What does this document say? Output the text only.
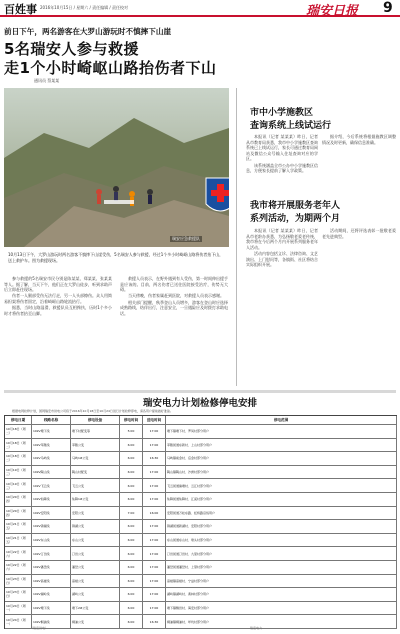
百姓事 2016年10月15日 / 星期六 / 责任编辑 / 责任校对	瑞安日报 9
前日下午，两名游客在大罗山游玩时不慎摔下山崖
5名瑞安人参与救援
走1个小时崎岖山路抬伤者下山
通讯员 蔡某某
瑞安应急救援队
10月13日下午，大罗山游玩时两名游客不慎摔下山崖受伤，5名瑞安人参与救援，经过1个多小时崎岖山路将伤者抬下山，送上救护车。图为救援现场。

参与救援的5名瑞安市民分别是陈某某、郑某某、张某某等人。据了解，当天下午，他们正在大罗山徒步，听到求助声后立即赶往现场。

伤者一人腿部受伤无法行走，另一人头部擦伤。众人用简易担架将伤者固定，沿着崎岖山路轮流抬行。

据悉，当时山路湿滑，救援队员互相搀扶，历时1个多小时才将伤者抬至山脚。

救援人员表示，在野外遇到有人受伤，第一时间伸出援手是应该的。目前，两名伤者已送往医院接受治疗，伤势无大碍。

当天傍晚，伤者家属赶到医院，对救援人员表示感谢。

相关部门提醒，秋季登山人员增多，游客在登山时应选择成熟路线，结伴出行，注意安全，一旦遇险应及时拨打求助电话。

市中小学施教区
查询系统上线试运行

本报讯（记者 某某某）昨日，记者从市教育局获悉，我市中小学施教区查询系统已上线试运行，家长可通过教育局网站及微信公众号输入住址查询对应的学区。

该系统涵盖全市公办中小学施教区信息，方便家长提前了解入学政策。

据介绍，今后系统将根据施教区调整情况及时更新，确保信息准确。

我市将开展服务老年人
系列活动，为期两个月

本报讯（记者 某某某）昨日，记者从市老龄办获悉，为弘扬敬老爱老传统，我市将在今后两个月内开展系列服务老年人活动。

活动内容包括义诊、法律咨询、文艺演出、上门慰问等，各镇街、社区将结合实际组织开展。

活动期间，还将评选表彰一批敬老爱老先进典型。

瑞安电力计划检修停电安排
根据电网检修计划，国网瑞安市供电公司将于2016年10月18日至10月24日进行计划检修停电，请各用户提前做好准备。
停电日期	线路名称	停电设备	停电时间	送电时间	停电范围
10月18日（周二）	10kV塘下线	塘下村配变等	5:00	17:00	塘下镇塘下村、罗凤村部分用户
10月18日（周二）	10kV莘塍线	莘塍公变	6:00	17:00	莘塍街道东新村、上山村部分用户
10月18日（周二）	10kV马屿线	马屿1#公变	6:00	16:30	马屿镇前金村、后金村部分用户
10月19日（周三）	10kV陶山线	陶山村配变	6:00	17:00	陶山镇陶山村、沙洲村部分用户
10月19日（周三）	10kV飞云线	飞云公变	6:00	17:00	飞云街道渔塘村、云江村部分用户
10月20日（周四）	10kV仙降线	仙降1#公变	6:00	17:00	仙降街道仙降村、江溪村部分用户
10月20日（周四）	10kV安阳线	安阳公变	7:00	16:00	安阳街道万松东路、虹桥路沿线用户
10月21日（周五）	10kV锦湖线	锦湖公变	6:00	17:00	锦湖街道新湖村、安阳村部分用户
10月21日（周五）	10kV东山线	东山公变	6:00	17:00	东山街道东山村、埭头村部分用户
10月22日（周六）	10kV汀田线	汀田公变	6:00	17:00	汀田街道汀田村、九里村部分用户
10月22日（周六）	10kV潘岱线	潘岱公变	6:00	17:00	潘岱街道潘岱村、上望村部分用户
10月23日（周日）	10kV高楼线	高楼公变	6:00	17:00	高楼镇高楼村、宁益村部分用户
10月23日（周日）	10kV湖岭线	湖岭公变	6:00	17:00	湖岭镇湖岭村、黄林村部分用户
10月24日（周一）	10kV塘下线	塘下2#公变	6:00	17:00	塘下镇鲍田村、海安村部分用户
10月24日（周一）	10kV桐浦线	桐浦公变	6:00	16:30	桐浦镇桐浦村、垟坑村部分用户
（瑞安供电）	瑞安电力
